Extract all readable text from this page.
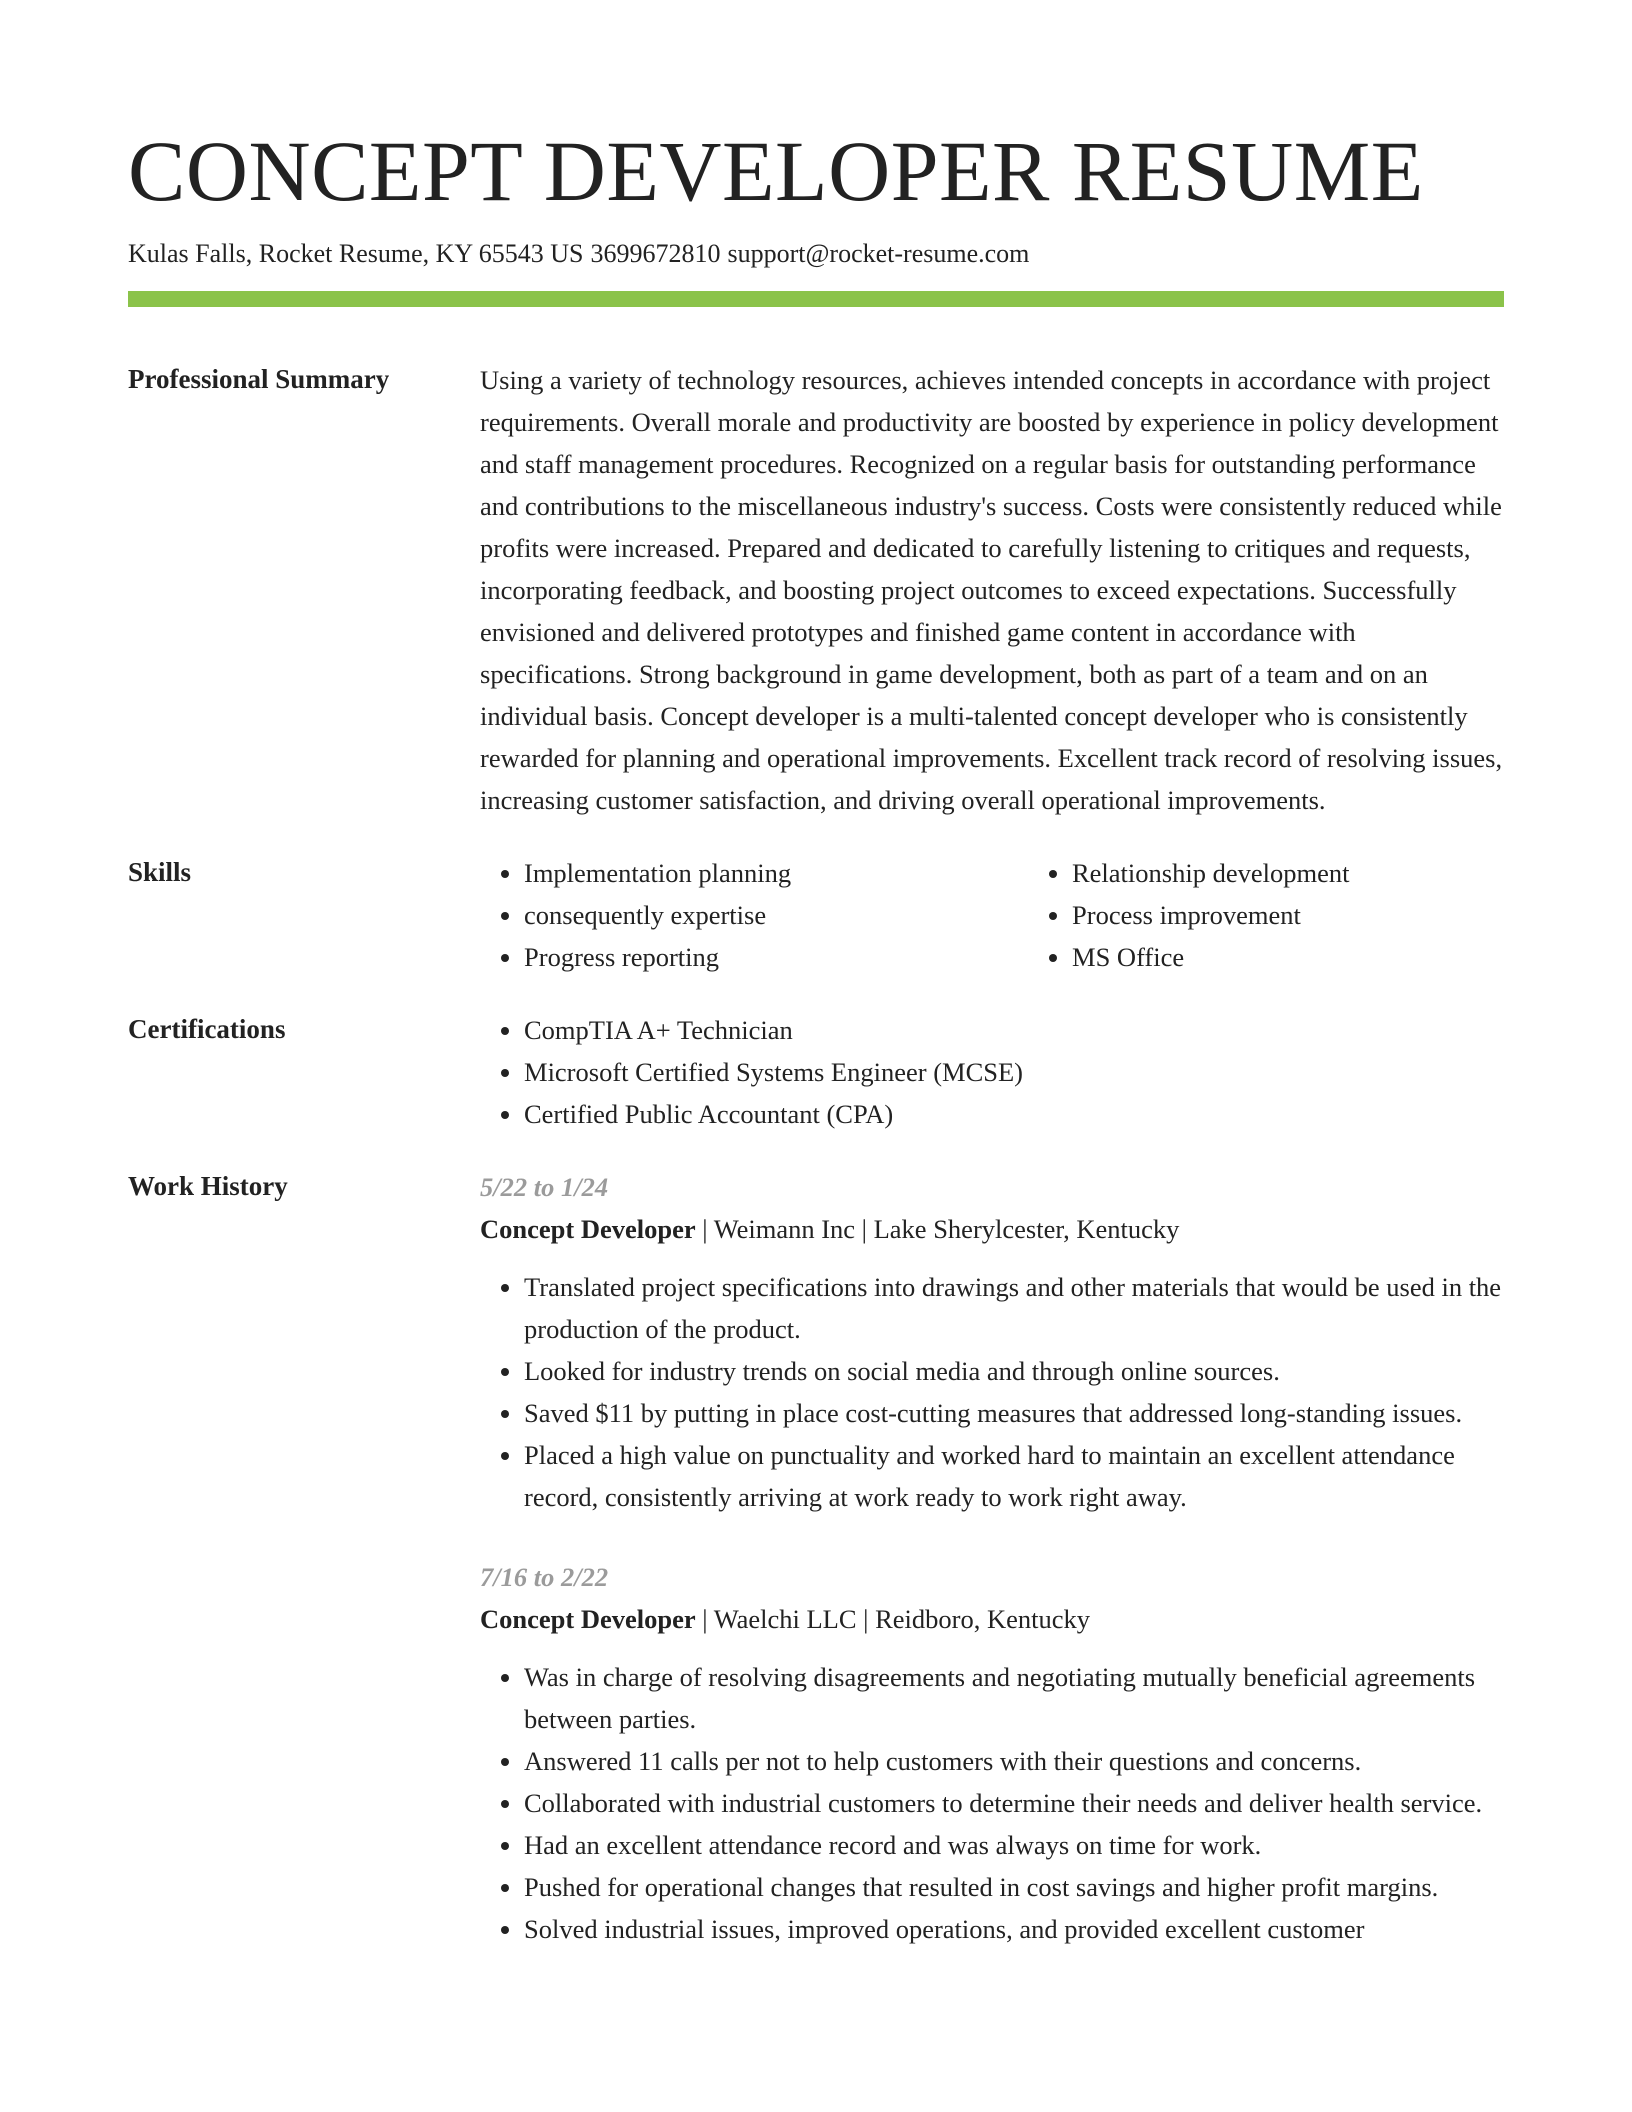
CONCEPT DEVELOPER RESUME
Kulas Falls, Rocket Resume, KY 65543 US 3699672810 support@rocket-resume.com
Professional Summary	Using a variety of technology resources, achieves intended concepts in accordance with project requirements. Overall morale and productivity are boosted by experience in policy development and staff management procedures. Recognized on a regular basis for outstanding performance and contributions to the miscellaneous industry's success. Costs were consistently reduced while profits were increased. Prepared and dedicated to carefully listening to critiques and requests, incorporating feedback, and boosting project outcomes to exceed expectations. Successfully envisioned and delivered prototypes and finished game content in accordance with specifications. Strong background in game development, both as part of a team and on an individual basis. Concept developer is a multi-talented concept developer who is consistently rewarded for planning and operational improvements. Excellent track record of resolving issues, increasing customer satisfaction, and driving overall operational improvements.

Skills	• Implementation planning
• consequently expertise
• Progress reporting
• Relationship development
• Process improvement
• MS Office
Certifications	• CompTIA A+ Technician
• Microsoft Certified Systems Engineer (MCSE)
• Certified Public Accountant (CPA)
Work History	5/22 to 1/24
Concept Developer | Weimann Inc | Lake Sherylcester, Kentucky
• Translated project specifications into drawings and other materials that would be used in the production of the product.
• Looked for industry trends on social media and through online sources.
• Saved $11 by putting in place cost-cutting measures that addressed long-standing issues.
• Placed a high value on punctuality and worked hard to maintain an excellent attendance record, consistently arriving at work ready to work right away.
7/16 to 2/22
Concept Developer | Waelchi LLC | Reidboro, Kentucky
• Was in charge of resolving disagreements and negotiating mutually beneficial agreements between parties.
• Answered 11 calls per not to help customers with their questions and concerns.
• Collaborated with industrial customers to determine their needs and deliver health service.
• Had an excellent attendance record and was always on time for work.
• Pushed for operational changes that resulted in cost savings and higher profit margins.
• Solved industrial issues, improved operations, and provided excellent customer
